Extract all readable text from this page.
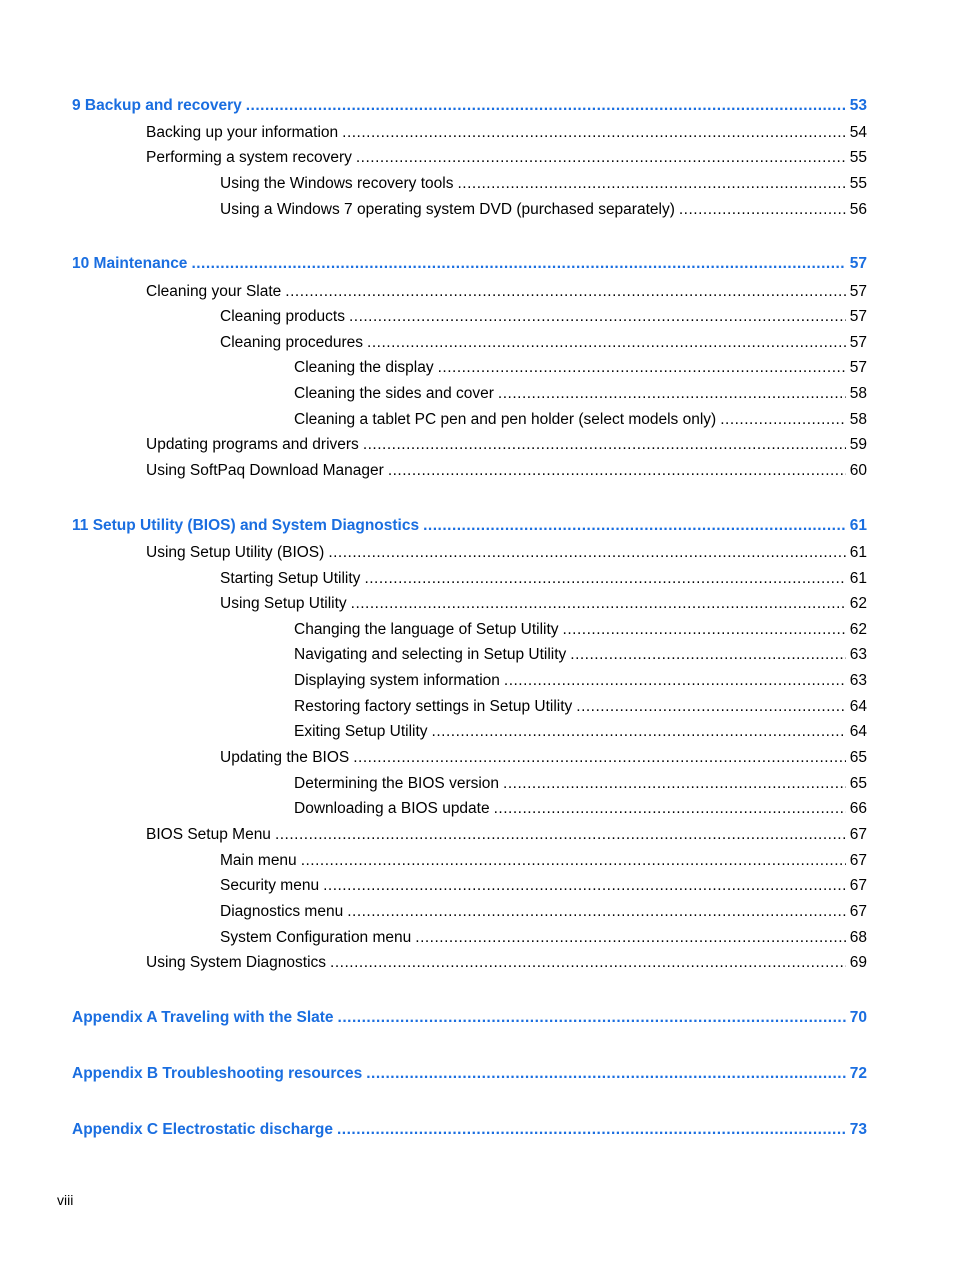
9 Backup and recovery .....	53
Backing up your information .....	54
Performing a system recovery .....	55
Using the Windows recovery tools .....	55
Using a Windows 7 operating system DVD (purchased separately) .....	56
10 Maintenance .....	57
Cleaning your Slate .....	57
Cleaning products .....	57
Cleaning procedures .....	57
Cleaning the display .....	57
Cleaning the sides and cover .....	58
Cleaning a tablet PC pen and pen holder (select models only) .....	58
Updating programs and drivers .....	59
Using SoftPaq Download Manager .....	60
11 Setup Utility (BIOS) and System Diagnostics .....	61
Using Setup Utility (BIOS) .....	61
Starting Setup Utility .....	61
Using Setup Utility .....	62
Changing the language of Setup Utility .....	62
Navigating and selecting in Setup Utility .....	63
Displaying system information .....	63
Restoring factory settings in Setup Utility .....	64
Exiting Setup Utility .....	64
Updating the BIOS .....	65
Determining the BIOS version .....	65
Downloading a BIOS update .....	66
BIOS Setup Menu .....	67
Main menu .....	67
Security menu .....	67
Diagnostics menu .....	67
System Configuration menu .....	68
Using System Diagnostics .....	69
Appendix A Traveling with the Slate .....	70
Appendix B Troubleshooting resources .....	72
Appendix C Electrostatic discharge .....	73
viii
